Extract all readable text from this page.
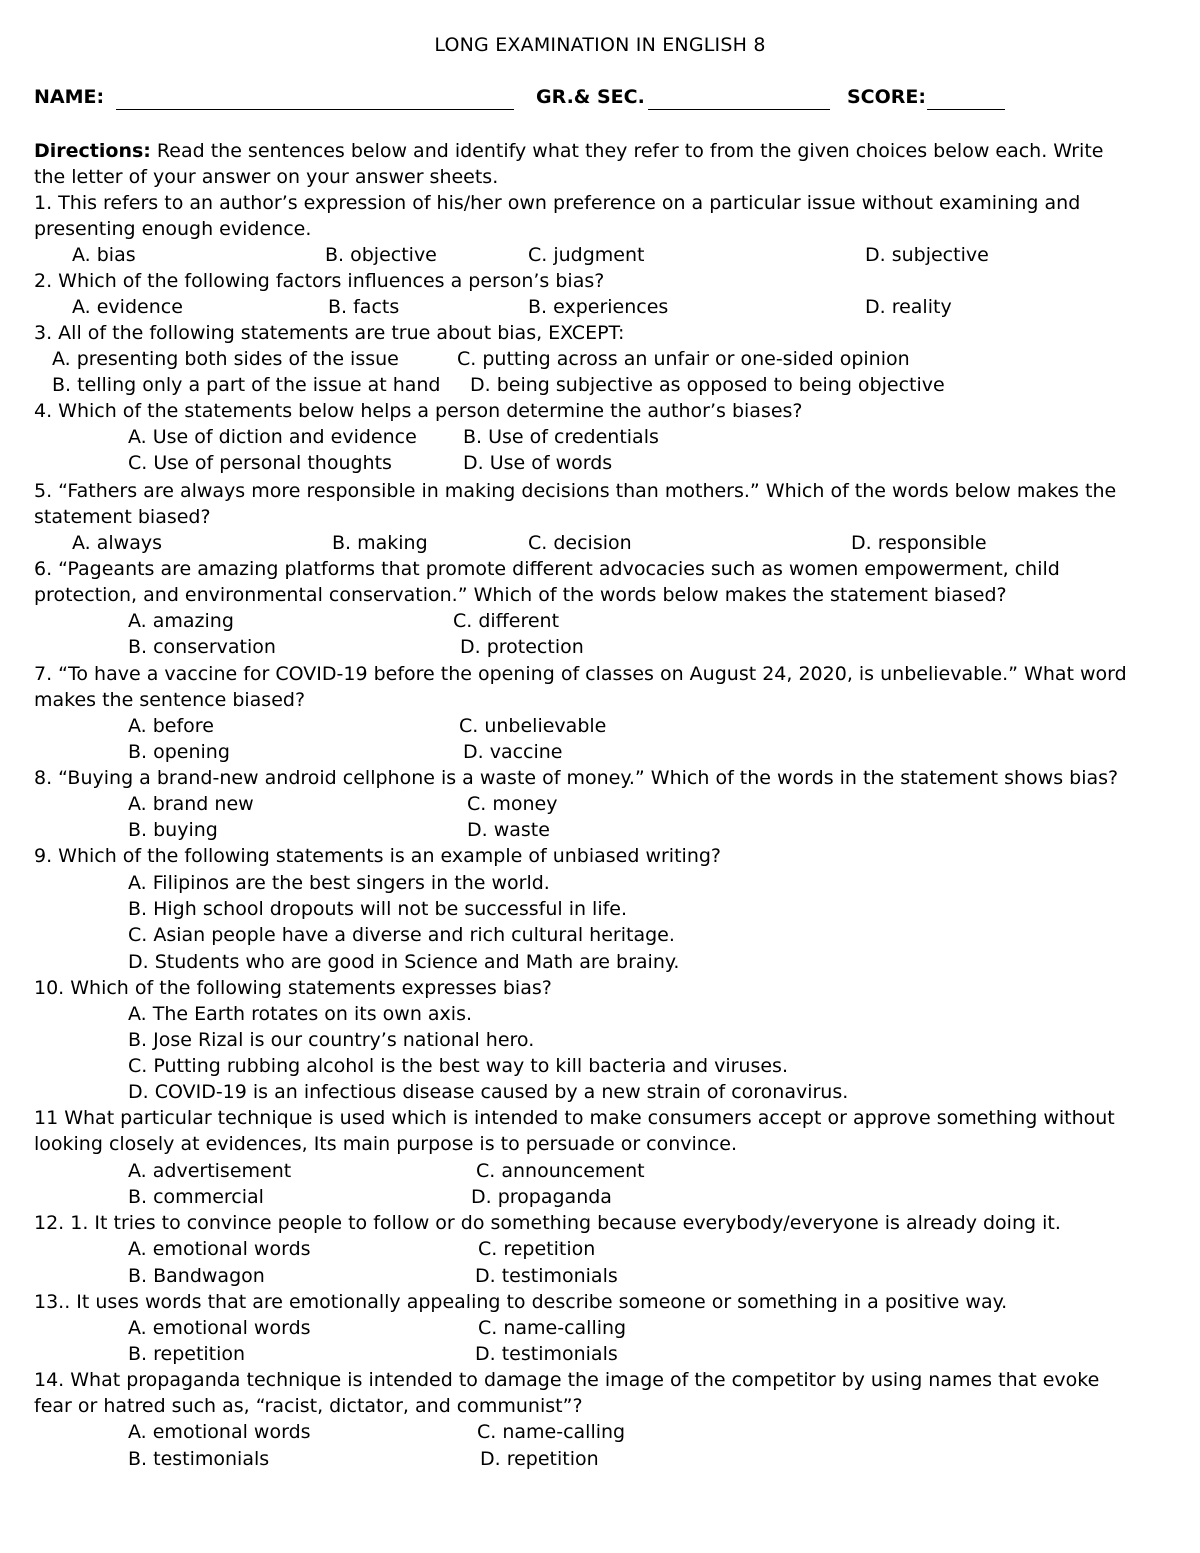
LONG EXAMINATION IN ENGLISH 8
NAME:	GR.& SEC.	SCORE:
Directions: Read the sentences below and identify what they refer to from the given choices below each. Write
the letter of your answer on your answer sheets.
1. This refers to an author’s expression of his/her own preference on a particular issue without examining and
presenting enough evidence.
A. bias	B. objective	C. judgment	D. subjective
2. Which of the following factors influences a person’s bias?
A. evidence	B. facts	B. experiences	D. reality
3. All of the following statements are true about bias, EXCEPT:
A. presenting both sides of the issue	C. putting across an unfair or one-sided opinion
B. telling only a part of the issue at hand D. being subjective as opposed to being objective
4. Which of the statements below helps a person determine the author’s biases?
A. Use of diction and evidence B. Use of credentials
C. Use of personal thoughts	D. Use of words
5. “Fathers are always more responsible in making decisions than mothers.” Which of the words below makes the
statement biased?
A. always	B. making	C. decision	D. responsible
6. “Pageants are amazing platforms that promote different advocacies such as women empowerment, child
protection, and environmental conservation.” Which of the words below makes the statement biased?
A. amazing	C. different
B. conservation	D. protection
7. “To have a vaccine for COVID-19 before the opening of classes on August 24, 2020, is unbelievable.” What word
makes the sentence biased?
A. before	C. unbelievable
B. opening	D. vaccine
8. “Buying a brand-new android cellphone is a waste of money.” Which of the words in the statement shows bias?
A. brand new	C. money
B. buying	D. waste
9. Which of the following statements is an example of unbiased writing?
A. Filipinos are the best singers in the world.
B. High school dropouts will not be successful in life.
C. Asian people have a diverse and rich cultural heritage.
D. Students who are good in Science and Math are brainy.
10. Which of the following statements expresses bias?
A. The Earth rotates on its own axis.
B. Jose Rizal is our country’s national hero.
C. Putting rubbing alcohol is the best way to kill bacteria and viruses.
D. COVID-19 is an infectious disease caused by a new strain of coronavirus.
11 What particular technique is used which is intended to make consumers accept or approve something without
looking closely at evidences, Its main purpose is to persuade or convince.
A. advertisement	C. announcement
B. commercial	D. propaganda
12. 1. It tries to convince people to follow or do something because everybody/everyone is already doing it.
A. emotional words	C. repetition
B. Bandwagon	D. testimonials
13.. It uses words that are emotionally appealing to describe someone or something in a positive way.
A. emotional words	C. name-calling
B. repetition	D. testimonials
14. What propaganda technique is intended to damage the image of the competitor by using names that evoke
fear or hatred such as, “racist, dictator, and communist”?
A. emotional words	C. name-calling
B. testimonials	D. repetition
